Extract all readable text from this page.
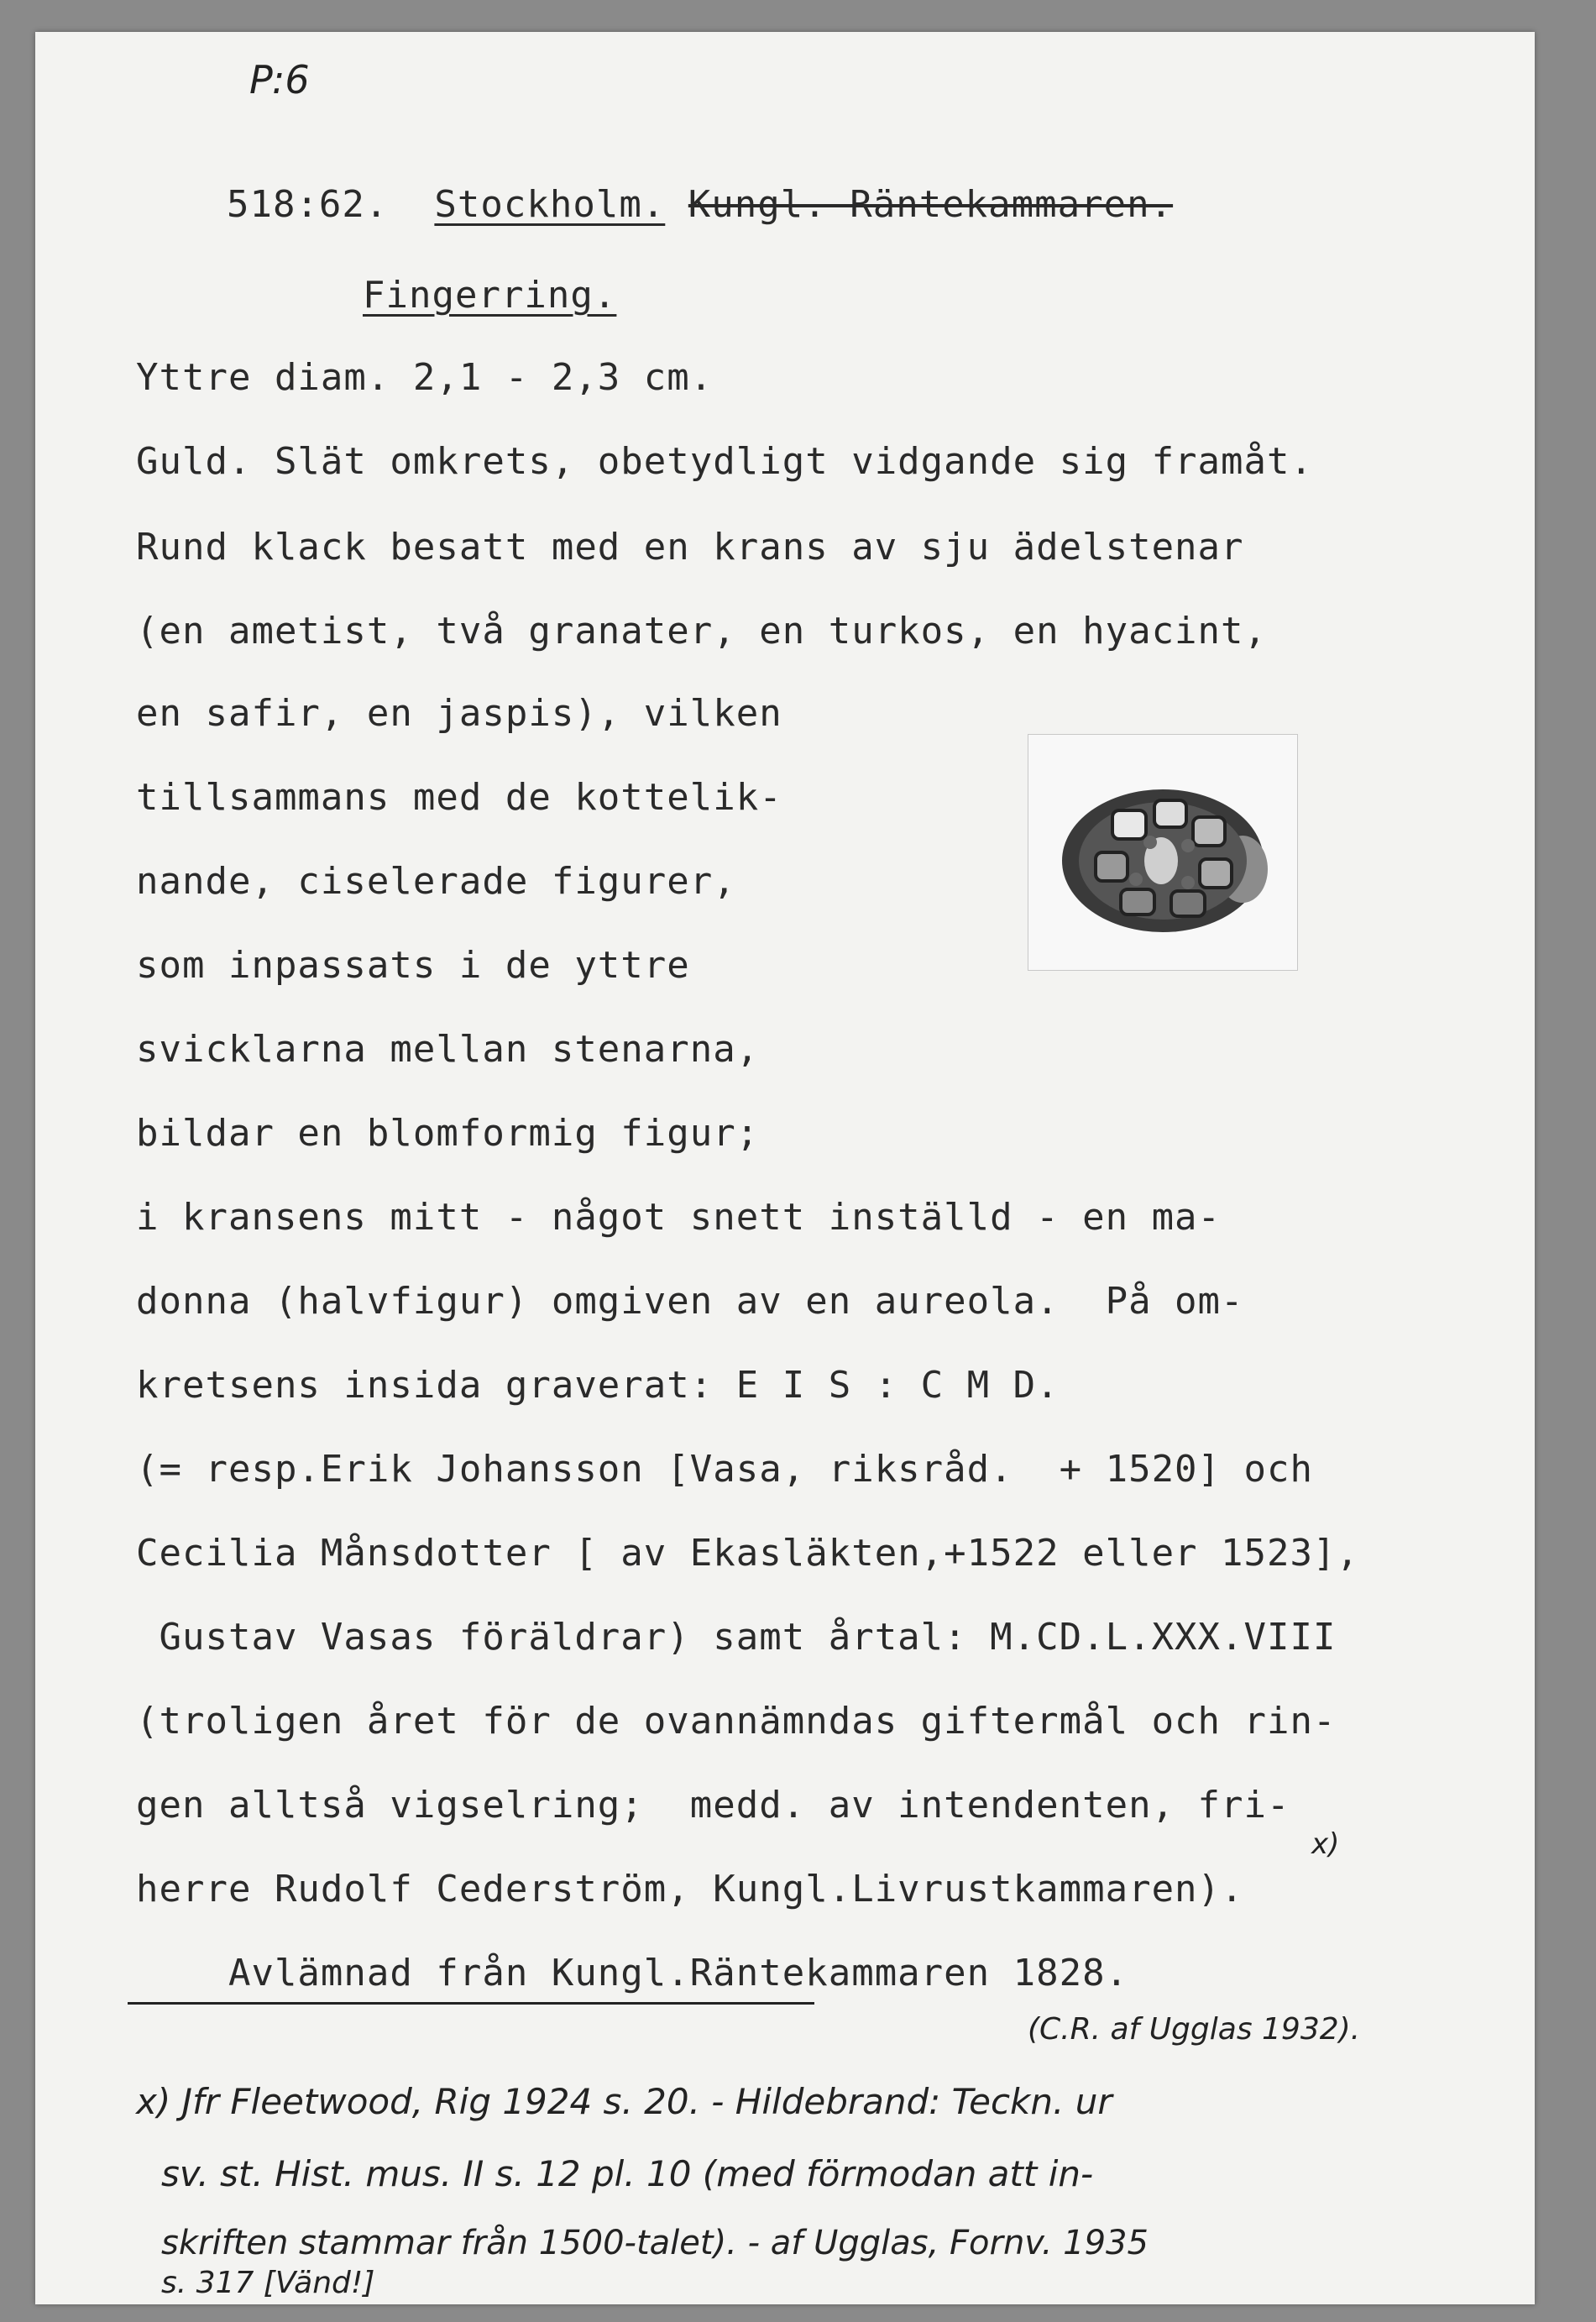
P:6

518:62. Stockholm. Kungl. Räntekammaren.

Fingerring.
Yttre diam. 2,1 - 2,3 cm.
Guld. Slät omkrets, obetydligt vidgande sig framåt.
Rund klack besatt med en krans av sju ädelstenar
(en ametist, två granater, en turkos, en hyacint,
en safir, en jaspis), vilken
tillsammans med de kottelik-
nande, ciselerade figurer,
som inpassats i de yttre
svicklarna mellan stenarna,
bildar en blomformig figur;
i kransens mitt - något snett inställd - en ma-
donna (halvfigur) omgiven av en aureola.  På om-
kretsens insida graverat: E I S : C M D.
(= resp.Erik Johansson [Vasa, riksråd.  + 1520] och
Cecilia Månsdotter [ av Ekasläkten,+1522 eller 1523],
Gustav Vasas föräldrar) samt årtal: M.CD.L.XXX.VIII
(troligen året för de ovannämndas giftermål och rin-
gen alltså vigselring;  medd. av intendenten, fri-
herre Rudolf Cederström, Kungl.Livrustkammaren).
Avlämnad från Kungl.Räntekammaren 1828.
x)
(C.R. af Ugglas 1932).
x) Jfr Fleetwood, Rig 1924 s. 20. - Hildebrand: Teckn. ur
sv. st. Hist. mus. II s. 12 pl. 10 (med förmodan att in-
skriften stammar från 1500-talet). - af Ugglas, Fornv. 1935
s. 317 [Vänd!]
